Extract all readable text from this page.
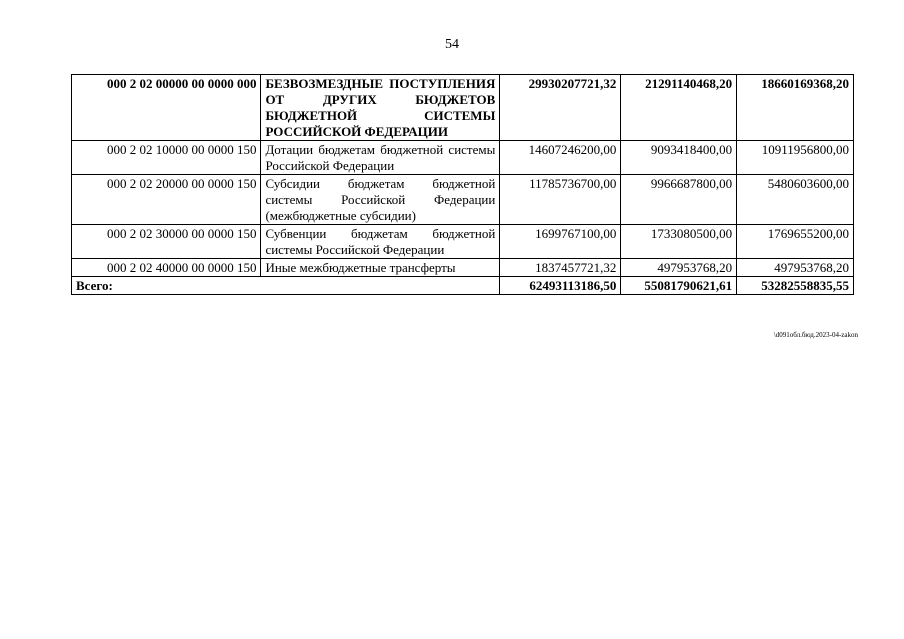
54
000 2 02 00000 00 0000 000	БЕЗВОЗМЕЗДНЫЕ ПОСТУПЛЕНИЯ ОТ ДРУГИХ БЮДЖЕТОВ БЮДЖЕТНОЙ СИСТЕМЫ РОССИЙСКОЙ ФЕДЕРАЦИИ	29930207721,32	21291140468,20	18660169368,20
000 2 02 10000 00 0000 150	Дотации бюджетам бюджетной системы Российской Федерации	14607246200,00	9093418400,00	10911956800,00
000 2 02 20000 00 0000 150	Субсидии бюджетам бюджетной системы Российской Федерации (межбюджетные субсидии)	11785736700,00	9966687800,00	5480603600,00
000 2 02 30000 00 0000 150	Субвенции бюджетам бюджетной системы Российской Федерации	1699767100,00	1733080500,00	1769655200,00
000 2 02 40000 00 0000 150	Иные межбюджетные трансферты	1837457721,32	497953768,20	497953768,20
Всего:		62493113186,50	55081790621,61	53282558835,55
\d091обл.бюд.2023-04-zakon
